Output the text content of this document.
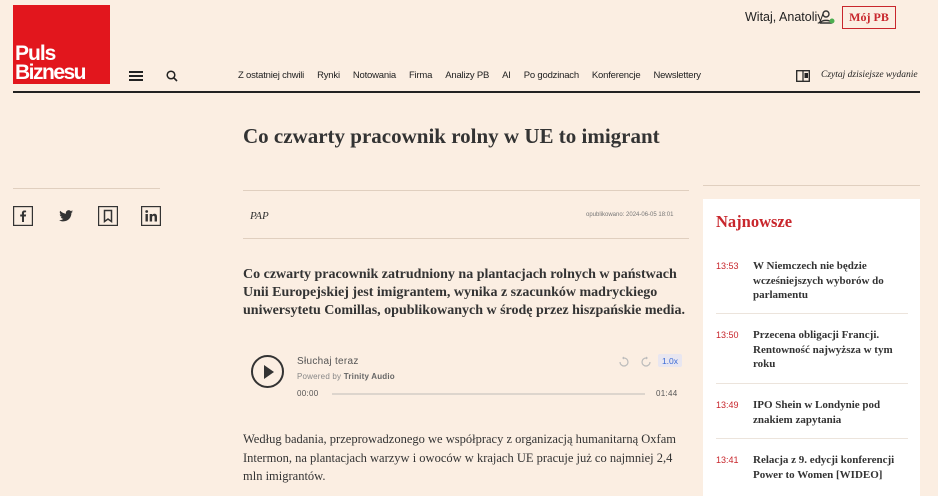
Puls
Biznesu
Witaj, Anatoliy	Mój PB
Z ostatniej chwili Rynki Notowania Firma Analizy PB AI Po godzinach Konferencje Newslettery	Czytaj dzisiejsze wydanie
Co czwarty pracownik rolny w UE to imigrant
PAP	opublikowano: 2024-06-05 18:01

Co czwarty pracownik zatrudniony na plantacjach rolnych w państwach Unii Europejskiej jest imigrantem, wynika z szacunków madryckiego uniwersytetu Comillas, opublikowanych w środę przez hiszpańskie media.

Słuchaj teraz
Powered by Trinity Audio
1.0x
00:00	01:44

Według badania, przeprowadzonego we współpracy z organizacją humanitarną Oxfam Intermon, na plantacjach warzyw i owoców w krajach UE pracuje już co najmniej 2,4 mln imigrantów.

Najnowsze
13:53	W Niemczech nie będzie wcześniejszych wyborów do parlamentu
13:50	Przecena obligacji Francji. Rentowność najwyższa w tym roku
13:49	IPO Shein w Londynie pod znakiem zapytania
13:41	Relacja z 9. edycji konferencji Power to Women [WIDEO]
